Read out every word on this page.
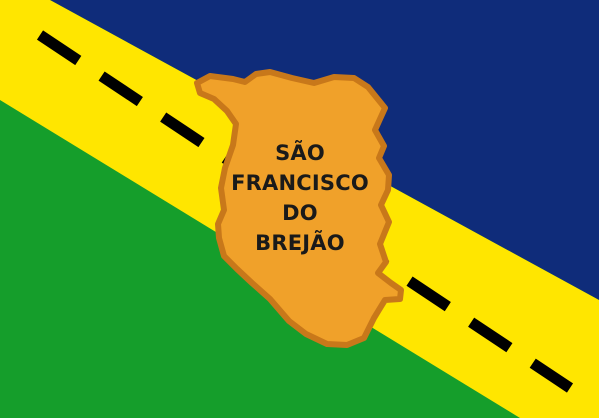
SÃO
FRANCISCO
DO
BREJÃO
